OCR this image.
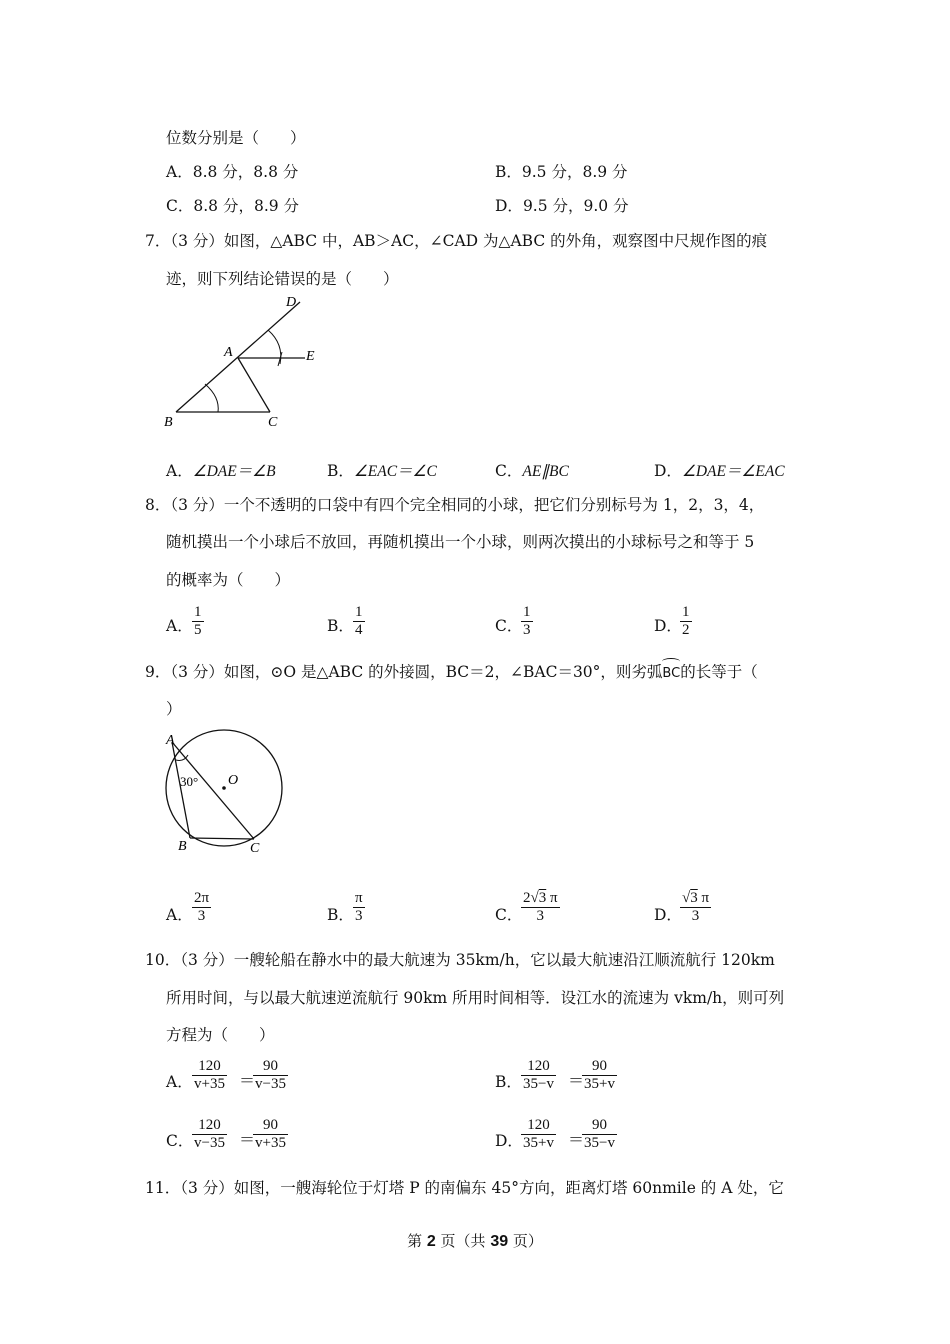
位数分别是（　　）
A．8.8 分，8.8 分	B．9.5 分，8.9 分
C．8.8 分，8.9 分	D．9.5 分，9.0 分
7．（3 分）如图，△ABC 中，AB＞AC，∠CAD 为△ABC 的外角，观察图中尺规作图的痕
迹，则下列结论错误的是（　　）
D
A	E
B	C
A．∠DAE＝∠B	B．∠EAC＝∠C	C．AE∥BC	D．∠DAE＝∠EAC
8．（3 分）一个不透明的口袋中有四个完全相同的小球，把它们分别标号为 1，2，3，4，
随机摸出一个小球后不放回，再随机摸出一个小球，则两次摸出的小球标号之和等于 5
的概率为（　　）
A．
1
5	B．
1
4	C．
1
3	D．
1
2
9．（3 分）如图，⊙O 是△ABC 的外接圆，BC＝2，∠BAC＝30°，则劣弧
BC的长等于（
）
A
30° O
B	C
A．
2π
3	B．
π
3	C．
2√3 π
3	D．
√3 π
3
10．（3 分）一艘轮船在静水中的最大航速为 35km/h，它以最大航速沿江顺流航行 120km
所用时间，与以最大航速逆流航行 90km 所用时间相等．设江水的流速为 vkm/h，则可列
方程为（　　）
A．
120
v+35 ＝
90
v−35	B．
120
35−v ＝
90
35+v
C．
120
v−35 ＝
90
v+35	D．
120
35+v ＝
90
35−v
11．（3 分）如图，一艘海轮位于灯塔 P 的南偏东 45°方向，距离灯塔 60nmile 的 A 处，它
第 2 页（共 39 页）
